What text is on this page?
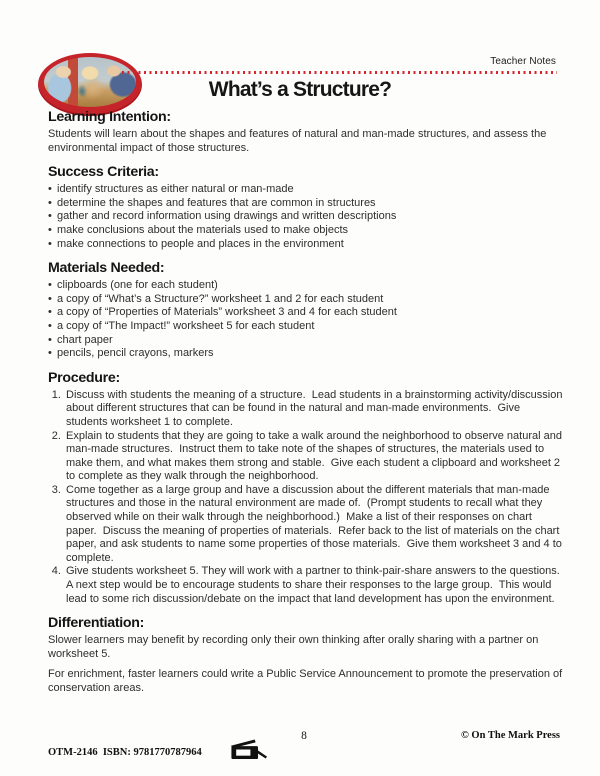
Teacher Notes
What’s a Structure?
Learning Intention:

Students will learn about the shapes and features of natural and man-made structures, and assess the environmental impact of those structures.

Success Criteria:
• identify structures as either natural or man-made
• determine the shapes and features that are common in structures
• gather and record information using drawings and written descriptions
• make conclusions about the materials used to make objects
• make connections to people and places in the environment
Materials Needed:
• clipboards (one for each student)
• a copy of “What’s a Structure?” worksheet 1 and 2 for each student
• a copy of “Properties of Materials” worksheet 3 and 4 for each student
• a copy of “The Impact!” worksheet 5 for each student
• chart paper
• pencils, pencil crayons, markers
Procedure:
1. Discuss with students the meaning of a structure.  Lead students in a brainstorming activity/discussion about different structures that can be found in the natural and man-made environments.  Give students worksheet 1 to complete.
2. Explain to students that they are going to take a walk around the neighborhood to observe natural and man-made structures.  Instruct them to take note of the shapes of structures, the materials used to make them, and what makes them strong and stable.  Give each student a clipboard and worksheet 2 to complete as they walk through the neighborhood.
3. Come together as a large group and have a discussion about the different materials that man-made structures and those in the natural environment are made of.  (Prompt students to recall what they observed while on their walk through the neighborhood.)  Make a list of their responses on chart paper.  Discuss the meaning of properties of materials.  Refer back to the list of materials on the chart paper, and ask students to name some properties of those materials.  Give them worksheet 3 and 4 to complete.
4. Give students worksheet 5. They will work with a partner to think-pair-share answers to the questions.  A next step would be to encourage students to share their responses to the large group.  This would lead to some rich discussion/debate on the impact that land development has upon the environment.
Differentiation:

Slower learners may benefit by recording only their own thinking after orally sharing with a partner on worksheet 5.

For enrichment, faster learners could write a Public Service Announcement to promote the preservation of conservation areas.

OTM-2146  ISBN: 9781770787964

8	© On The Mark Press
